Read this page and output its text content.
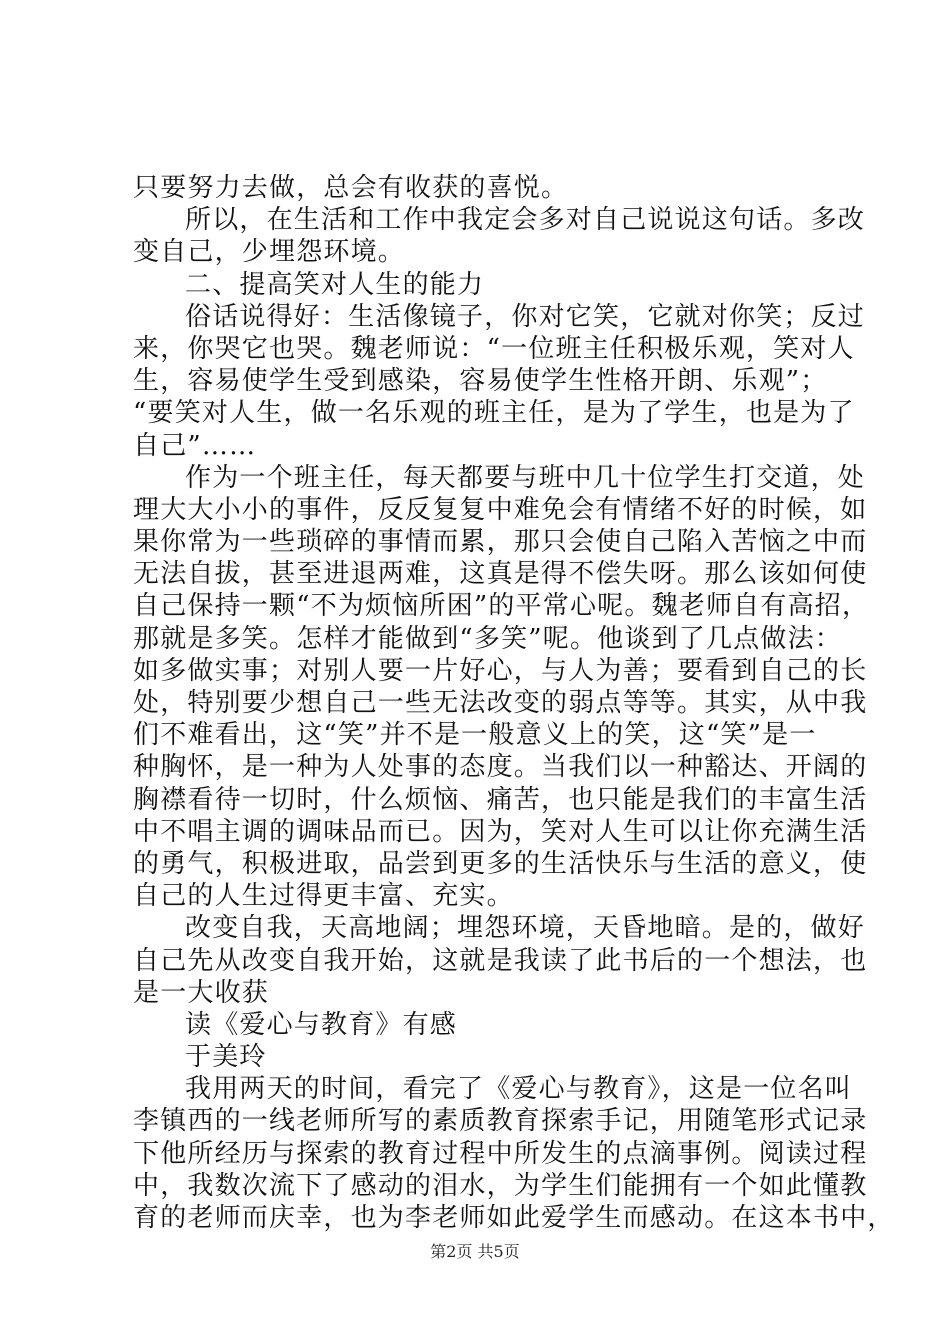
只要努力去做，总会有收获的喜悦。
所以，在生活和工作中我定会多对自己说说这句话。多改
变自己，少埋怨环境。
二、提高笑对人生的能力
俗话说得好：生活像镜子，你对它笑，它就对你笑；反过
来，你哭它也哭。魏老师说：“一位班主任积极乐观，笑对人
生，容易使学生受到感染，容易使学生性格开朗、乐观”；
“要笑对人生，做一名乐观的班主任，是为了学生，也是为了
自己”……
作为一个班主任，每天都要与班中几十位学生打交道，处
理大大小小的事件，反反复复中难免会有情绪不好的时候，如
果你常为一些琐碎的事情而累，那只会使自己陷入苦恼之中而
无法自拔，甚至进退两难，这真是得不偿失呀。那么该如何使
自己保持一颗“不为烦恼所困”的平常心呢。魏老师自有高招，
那就是多笑。怎样才能做到“多笑”呢。他谈到了几点做法：
如多做实事；对别人要一片好心，与人为善；要看到自己的长
处，特别要少想自己一些无法改变的弱点等等。其实，从中我
们不难看出，这“笑”并不是一般意义上的笑，这“笑”是一
种胸怀，是一种为人处事的态度。当我们以一种豁达、开阔的
胸襟看待一切时，什么烦恼、痛苦，也只能是我们的丰富生活
中不唱主调的调味品而已。因为，笑对人生可以让你充满生活
的勇气，积极进取，品尝到更多的生活快乐与生活的意义，使
自己的人生过得更丰富、充实。
改变自我，天高地阔；埋怨环境，天昏地暗。是的，做好
自己先从改变自我开始，这就是我读了此书后的一个想法，也
是一大收获
读《爱心与教育》有感
于美玲
我用两天的时间，看完了《爱心与教育》，这是一位名叫
李镇西的一线老师所写的素质教育探索手记，用随笔形式记录
下他所经历与探索的教育过程中所发生的点滴事例。阅读过程
中，我数次流下了感动的泪水，为学生们能拥有一个如此懂教
育的老师而庆幸，也为李老师如此爱学生而感动。在这本书中，
第2页 共5页
